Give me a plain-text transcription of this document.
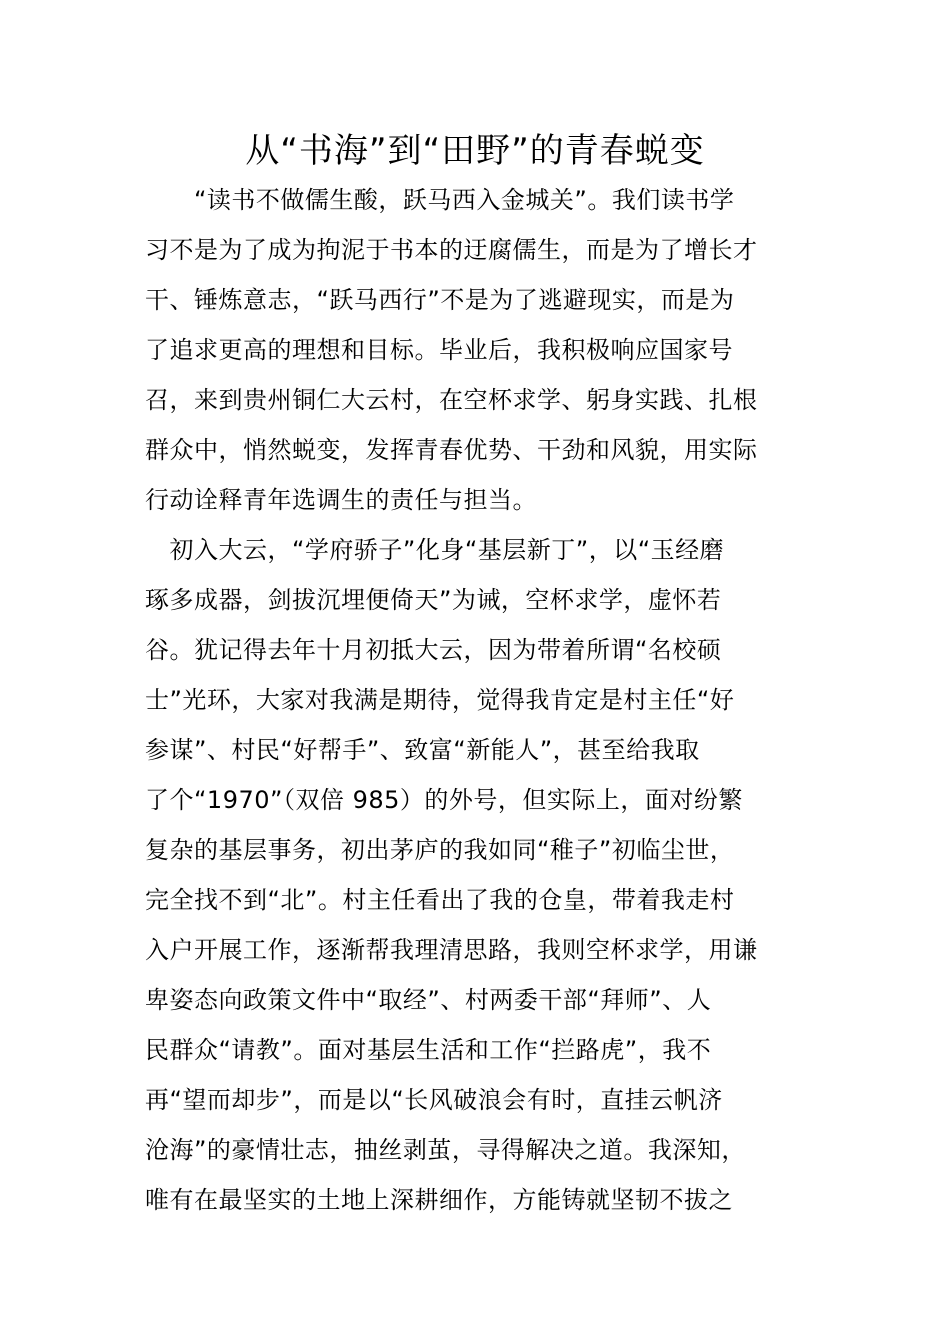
从“书海”到“田野”的青春蜕变
　　“读书不做儒生酸，跃马西入金城关”。我们读书学
习不是为了成为拘泥于书本的迂腐儒生，而是为了增长才
干、锤炼意志，“跃马西行”不是为了逃避现实，而是为
了追求更高的理想和目标。毕业后，我积极响应国家号
召，来到贵州铜仁大云村，在空杯求学、躬身实践、扎根
群众中，悄然蜕变，发挥青春优势、干劲和风貌，用实际
行动诠释青年选调生的责任与担当。
　初入大云，“学府骄子”化身“基层新丁”，以“玉经磨
琢多成器，剑拔沉埋便倚天”为诫，空杯求学，虚怀若
谷。犹记得去年十月初抵大云，因为带着所谓“名校硕
士”光环，大家对我满是期待，觉得我肯定是村主任“好
参谋”、村民“好帮手”、致富“新能人”，甚至给我取
了个“1970”（双倍 985）的外号，但实际上，面对纷繁
复杂的基层事务，初出茅庐的我如同“稚子”初临尘世，
完全找不到“北”。村主任看出了我的仓皇，带着我走村
入户开展工作，逐渐帮我理清思路，我则空杯求学，用谦
卑姿态向政策文件中“取经”、村两委干部“拜师”、人
民群众“请教”。面对基层生活和工作“拦路虎”，我不
再“望而却步”，而是以“长风破浪会有时，直挂云帆济
沧海”的豪情壮志，抽丝剥茧，寻得解决之道。我深知，
唯有在最坚实的土地上深耕细作，方能铸就坚韧不拔之
